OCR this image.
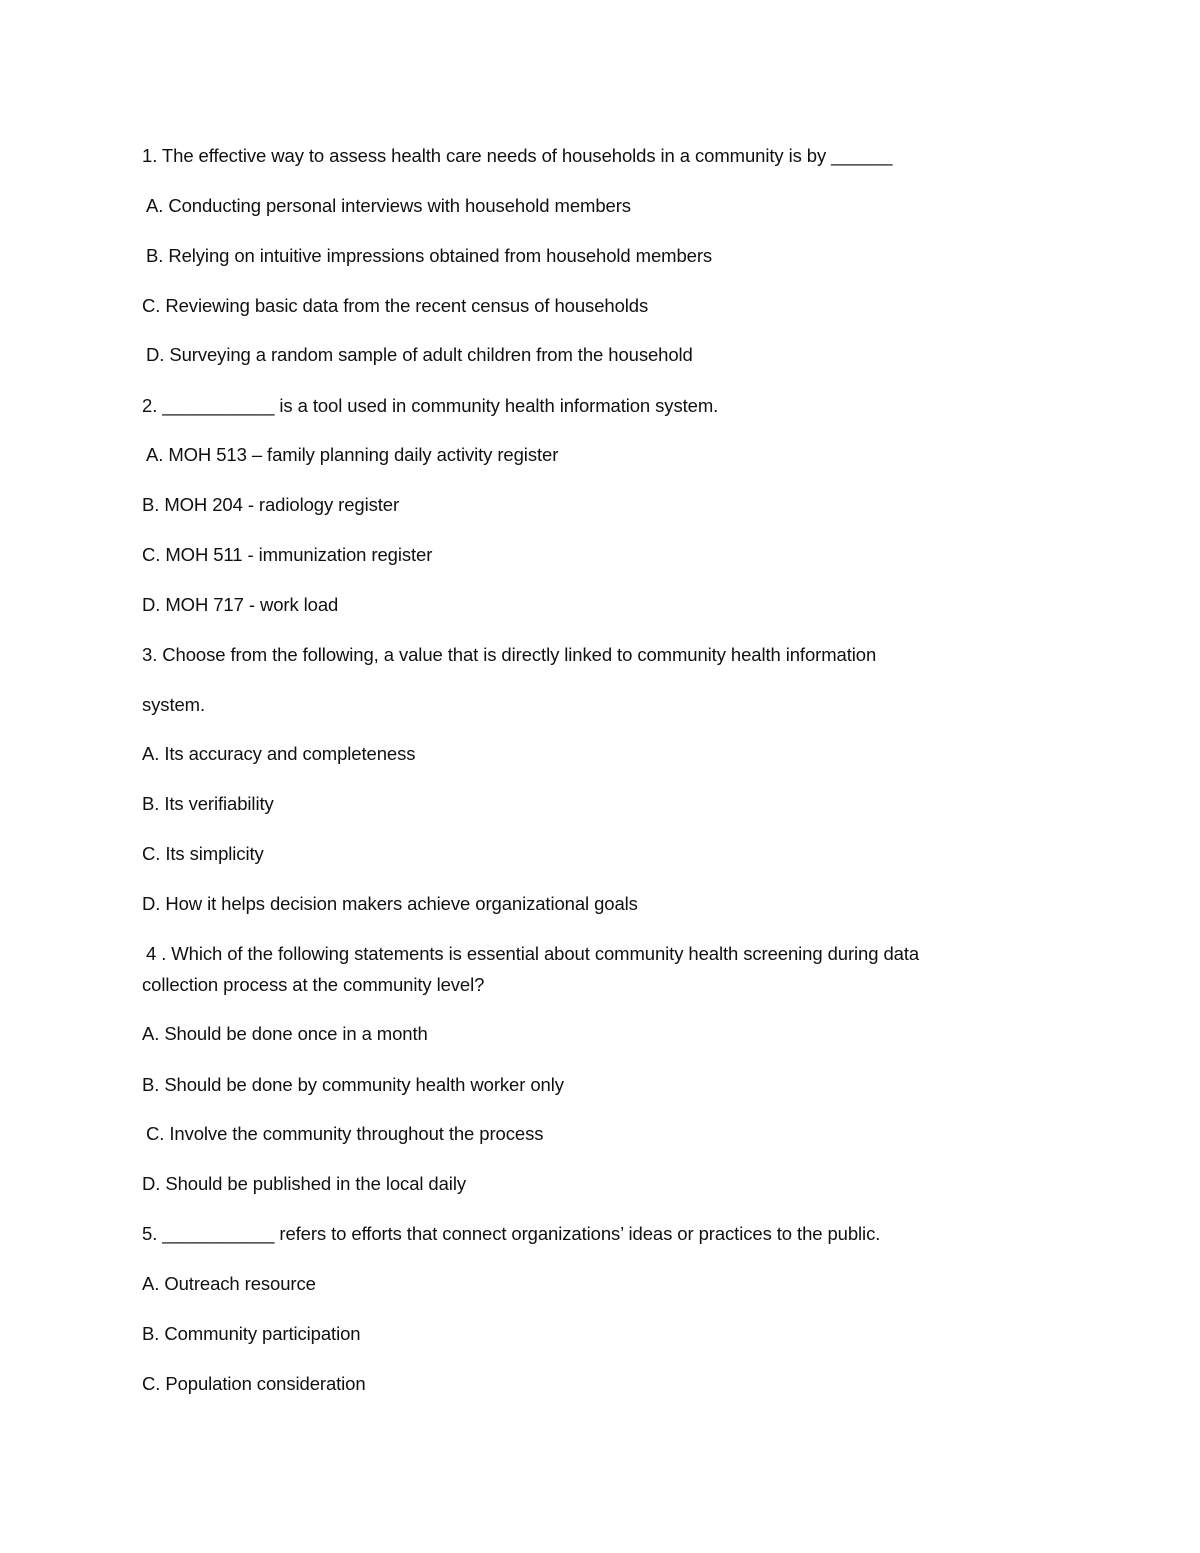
1. The effective way to assess health care needs of households in a community is by ______
A. Conducting personal interviews with household members
B. Relying on intuitive impressions obtained from household members
C. Reviewing basic data from the recent census of households
D. Surveying a random sample of adult children from the household
2. ___________ is a tool used in community health information system.
A. MOH 513 – family planning daily activity register
B. MOH 204 - radiology register
C. MOH 511 - immunization register
D. MOH 717 - work load
3. Choose from the following, a value that is directly linked to community health information
system.
A. Its accuracy and completeness
B. Its verifiability
C. Its simplicity
D. How it helps decision makers achieve organizational goals
4 . Which of the following statements is essential about community health screening during data
collection process at the community level?
A. Should be done once in a month
B. Should be done by community health worker only
C. Involve the community throughout the process
D. Should be published in the local daily
5. ___________ refers to efforts that connect organizations’ ideas or practices to the public.
A. Outreach resource
B. Community participation
C. Population consideration
